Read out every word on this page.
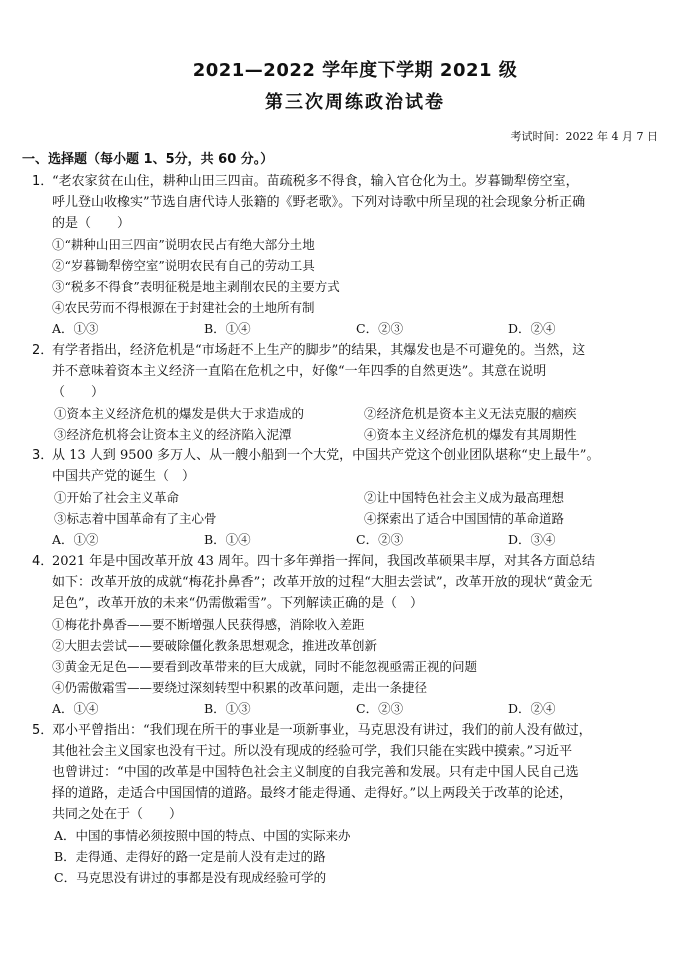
2021—2022 学年度下学期 2021 级
第三次周练政治试卷
考试时间：2022 年 4 月 7 日
一、选择题（每小题 1、5分，共 60 分。）
1．“老农家贫在山住，耕种山田三四亩。苗疏税多不得食，输入官仓化为土。岁暮锄犁傍空室，
呼儿登山收橡实”节选自唐代诗人张籍的《野老歌》。下列对诗歌中所呈现的社会现象分析正确
的是（　　）
①“耕种山田三四亩”说明农民占有绝大部分土地
②“岁暮锄犁傍空室”说明农民有自己的劳动工具
③“税多不得食”表明征税是地主剥削农民的主要方式
④农民劳而不得根源在于封建社会的土地所有制
A．①③	B．①④	C．②③	D．②④
2．有学者指出，经济危机是“市场赶不上生产的脚步”的结果，其爆发也是不可避免的。当然，这
并不意味着资本主义经济一直陷在危机之中，好像“一年四季的自然更迭”。其意在说明
（　　）
①资本主义经济危机的爆发是供大于求造成的	②经济危机是资本主义无法克服的痼疾
③经济危机将会让资本主义的经济陷入泥潭	④资本主义经济危机的爆发有其周期性
3．从 13 人到 9500 多万人、从一艘小船到一个大党，中国共产党这个创业团队堪称“史上最牛”。
中国共产党的诞生（　）
①开始了社会主义革命	②让中国特色社会主义成为最高理想
③标志着中国革命有了主心骨	④探索出了适合中国国情的革命道路
A．①②	B．①④	C．②③	D．③④
4．2021 年是中国改革开放 43 周年。四十多年弹指一挥间，我国改革硕果丰厚，对其各方面总结
如下：改革开放的成就“梅花扑鼻香”；改革开放的过程“大胆去尝试”，改革开放的现状“黄金无
足色”，改革开放的未来“仍需傲霜雪”。下列解读正确的是（　）
①梅花扑鼻香——要不断增强人民获得感，消除收入差距
②大胆去尝试——要破除僵化教条思想观念，推进改革创新
③黄金无足色——要看到改革带来的巨大成就，同时不能忽视亟需正视的问题
④仍需傲霜雪——要绕过深刻转型中积累的改革问题，走出一条捷径
A．①④	B．①③	C．②③	D．②④
5．邓小平曾指出：“我们现在所干的事业是一项新事业，马克思没有讲过，我们的前人没有做过，
其他社会主义国家也没有干过。所以没有现成的经验可学，我们只能在实践中摸索。”习近平
也曾讲过：“中国的改革是中国特色社会主义制度的自我完善和发展。只有走中国人民自己选
择的道路，走适合中国国情的道路。最终才能走得通、走得好。”以上两段关于改革的论述，
共同之处在于（　　）
A．中国的事情必须按照中国的特点、中国的实际来办
B．走得通、走得好的路一定是前人没有走过的路
C．马克思没有讲过的事都是没有现成经验可学的
